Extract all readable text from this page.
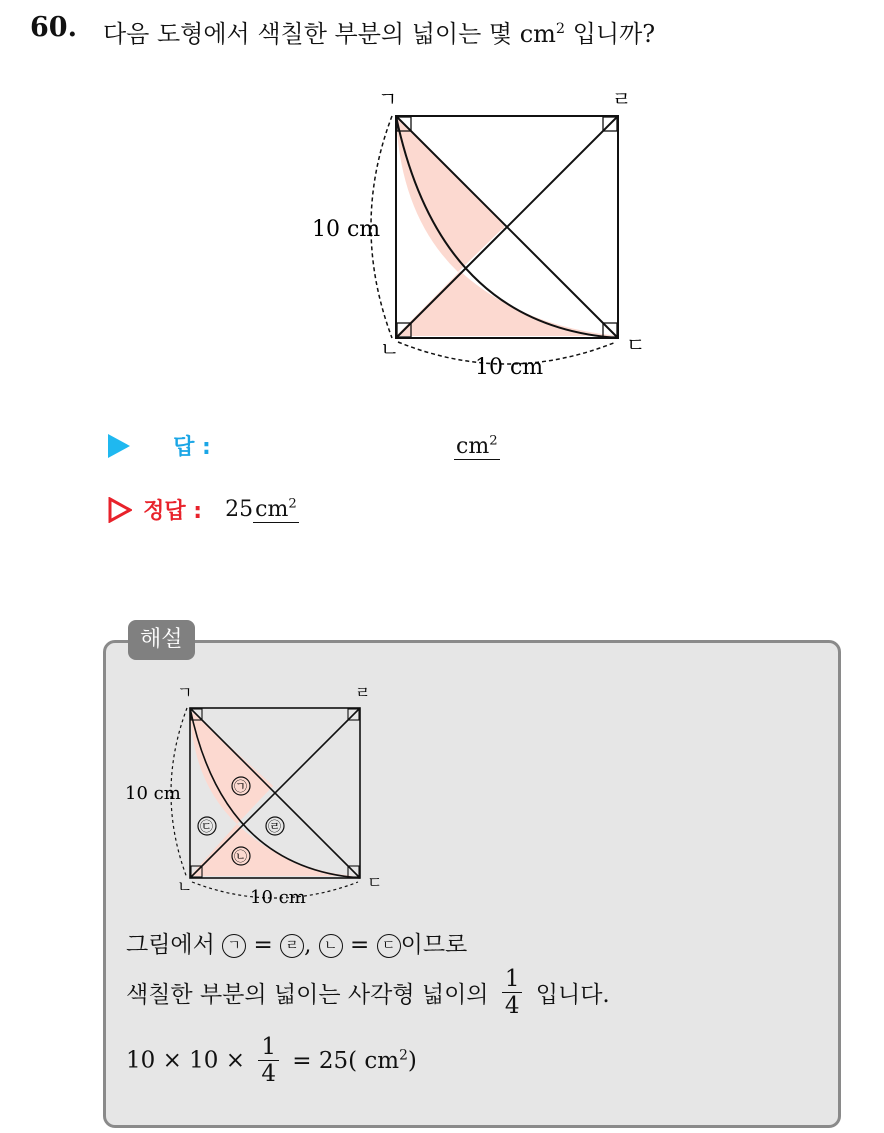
60. 다음 도형에서 색칠한 부분의 넓이는 몇 $cm^2$ 입니까?
ㄱ	ㄹ
ㄴ	ㄷ
10 cm
10 cm
답 :	$cm^2$
정답 : $25cm^2$
해설
㉠
㉡
㉢	㉣
ㄱ	ㄹ
ㄴ	ㄷ
10 cm
10 cm
그림에서 ㄱ = ㄹ , ㄴ = ㄷ 이므로
색칠한 부분의 넓이는 사각형 넓이의 $\frac{1}{4}$ 입니다.
$10 \times 10 \times \frac{1}{4} = 25$( $cm^2$)
